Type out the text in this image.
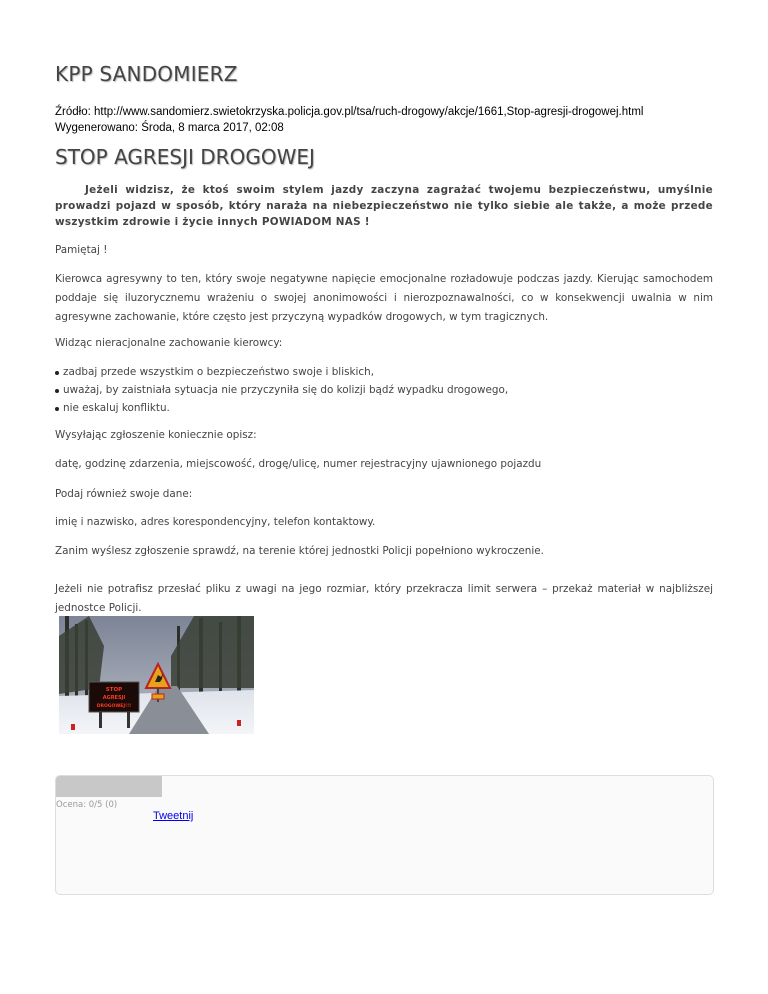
KPP SANDOMIERZ
Źródło: http://www.sandomierz.swietokrzyska.policja.gov.pl/tsa/ruch-drogowy/akcje/1661,Stop-agresji-drogowej.html
Wygenerowano: Środa, 8 marca 2017, 02:08
STOP AGRESJI DROGOWEJ
Jeżeli widzisz, że ktoś swoim stylem jazdy zaczyna zagrażać twojemu bezpieczeństwu, umyślnie prowadzi pojazd w sposób, który naraża na niebezpieczeństwo nie tylko siebie ale także, a może przede wszystkim zdrowie i życie innych POWIADOM NAS !
Pamiętaj !
Kierowca agresywny to ten, który swoje negatywne napięcie emocjonalne rozładowuje podczas jazdy. Kierując samochodem poddaje się iluzorycznemu wrażeniu o swojej anonimowości i nierozpoznawalności, co w konsekwencji uwalnia w nim agresywne zachowanie, które często jest przyczyną wypadków drogowych, w tym tragicznych.
Widząc nieracjonalne zachowanie kierowcy:
zadbaj przede wszystkim o bezpieczeństwo swoje i bliskich,
uważaj, by zaistniała sytuacja nie przyczyniła się do kolizji bądź wypadku drogowego,
nie eskaluj konfliktu.
Wysyłając zgłoszenie koniecznie opisz:
datę, godzinę zdarzenia, miejscowość, drogę/ulicę, numer rejestracyjny ujawnionego pojazdu
Podaj również swoje dane:
imię i nazwisko, adres korespondencyjny, telefon kontaktowy.
Zanim wyślesz zgłoszenie sprawdź, na terenie której jednostki Policji popełniono wykroczenie.
Jeżeli nie potrafisz przesłać pliku z uwagi na jego rozmiar, który przekracza limit serwera – przekaż materiał w najbliższej jednostce Policji.
STOP
AGRESJI
DROGOWEJ!!!
Ocena: 0/5 (0)
Tweetnij
